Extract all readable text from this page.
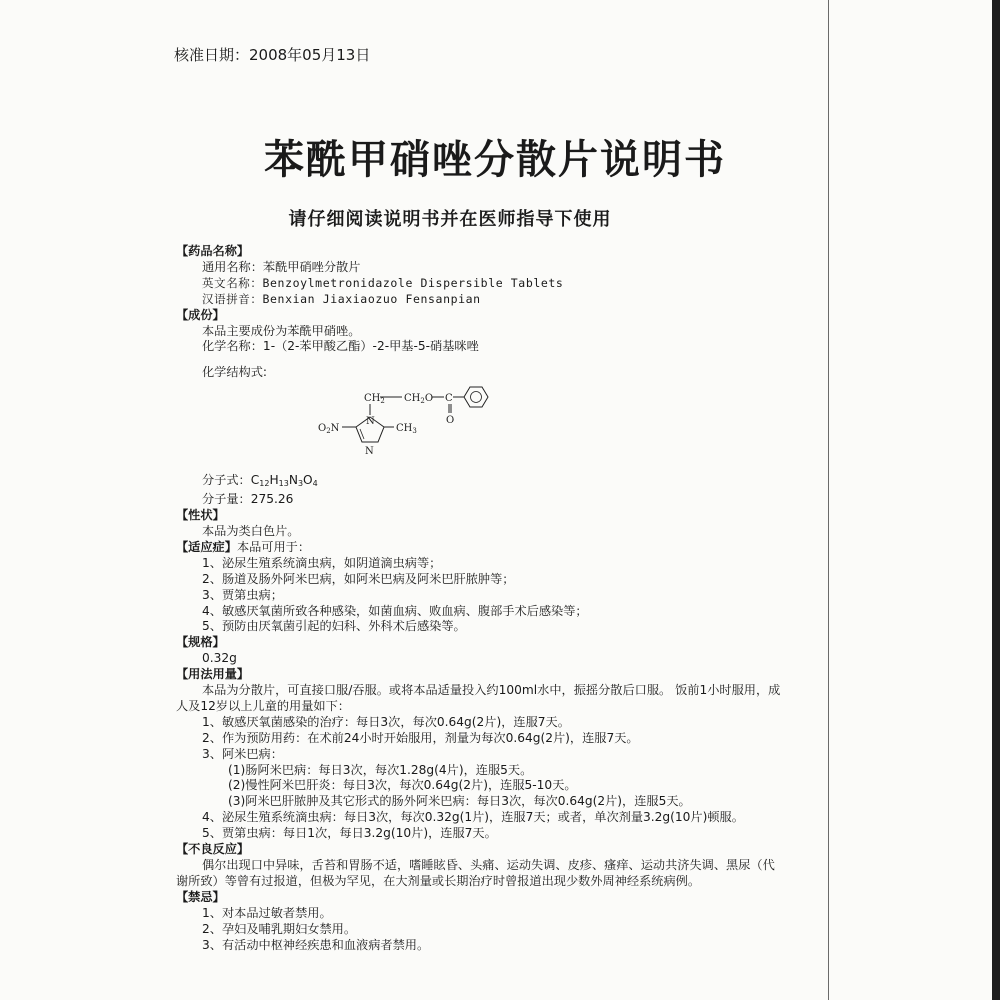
核准日期：2008年05月13日
苯酰甲硝唑分散片说明书
请仔细阅读说明书并在医师指导下使用
【药品名称】
通用名称：苯酰甲硝唑分散片
英文名称：Benzoylmetronidazole Dispersible Tablets
汉语拼音：Benxian Jiaxiaozuo Fensanpian
【成份】
本品主要成份为苯酰甲硝唑。
化学名称：1-（2-苯甲酸乙酯）-2-甲基-5-硝基咪唑
化学结构式:
$CH_2$ $CH_2O$ C
O
N
N
$O_2N$	$CH_3$
分子式：$C_{12}H_{13}N_3O_4$
分子量：275.26
【性状】
本品为类白色片。
【适应症】本品可用于：
1、泌尿生殖系统滴虫病，如阴道滴虫病等；
2、肠道及肠外阿米巴病，如阿米巴病及阿米巴肝脓肿等；
3、贾第虫病；
4、敏感厌氧菌所致各种感染，如菌血病、败血病、腹部手术后感染等；
5、预防由厌氧菌引起的妇科、外科术后感染等。
【规格】
0.32g
【用法用量】
本品为分散片，可直接口服/吞服。或将本品适量投入约100ml水中，振摇分散后口服。 饭前1小时服用，成人及12岁以上儿童的用量如下：
1、敏感厌氧菌感染的治疗：每日3次，每次0.64g(2片)，连服7天。
2、作为预防用药：在术前24小时开始服用，剂量为每次0.64g(2片)，连服7天。
3、阿米巴病：
(1)肠阿米巴病：每日3次，每次1.28g(4片)，连服5天。
(2)慢性阿米巴肝炎：每日3次，每次0.64g(2片)，连服5-10天。
(3)阿米巴肝脓肿及其它形式的肠外阿米巴病：每日3次，每次0.64g(2片)，连服5天。
4、泌尿生殖系统滴虫病：每日3次，每次0.32g(1片)，连服7天；或者，单次剂量3.2g(10片)顿服。
5、贾第虫病：每日1次，每日3.2g(10片)，连服7天。
【不良反应】
偶尔出现口中异味，舌苔和胃肠不适，嗜睡眩昏、头痛、运动失调、皮疹、瘙痒、运动共济失调、黑尿（代谢所致）等曾有过报道，但极为罕见，在大剂量或长期治疗时曾报道出现少数外周神经系统病例。
【禁忌】
1、对本品过敏者禁用。
2、孕妇及哺乳期妇女禁用。
3、有活动中枢神经疾患和血液病者禁用。
